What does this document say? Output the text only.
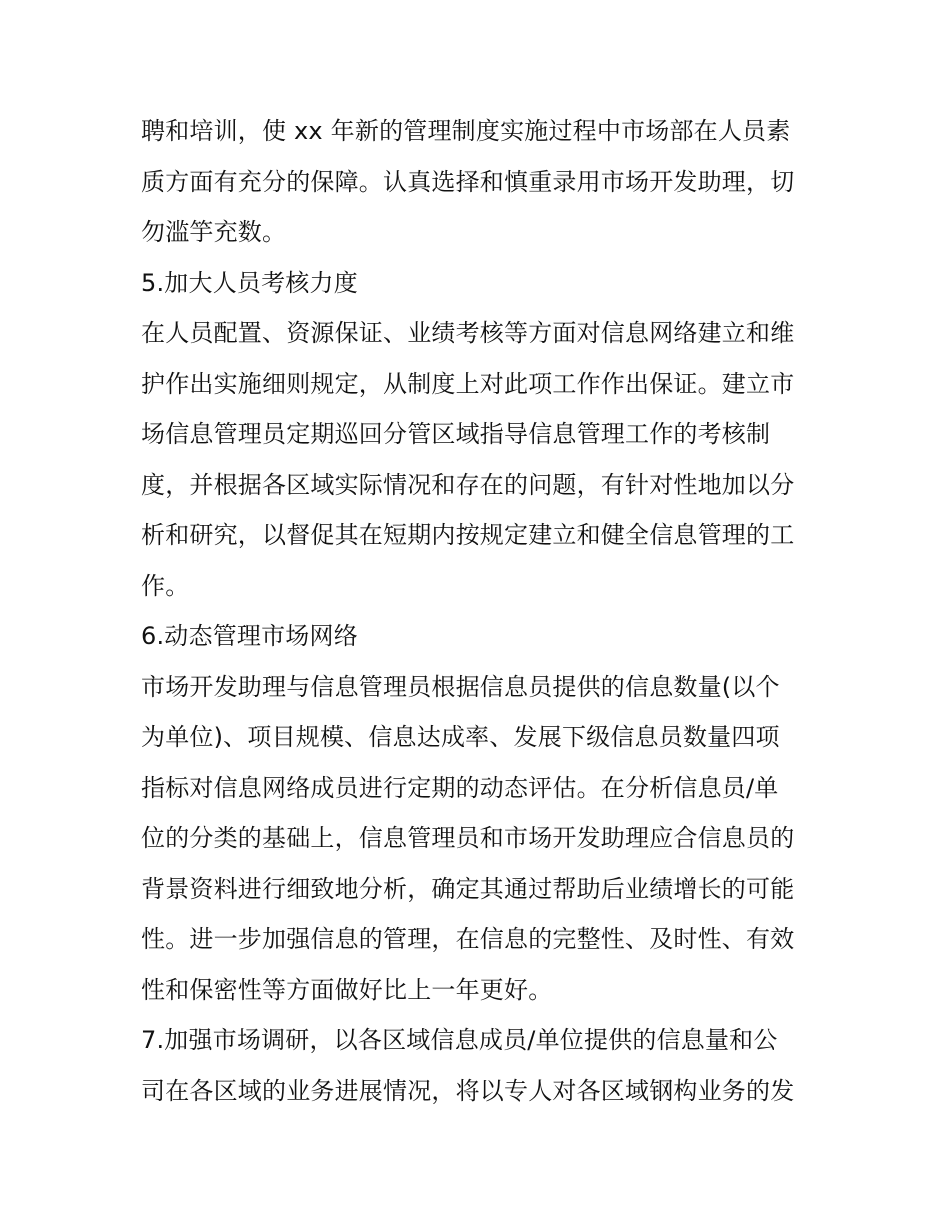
聘和培训，使 xx 年新的管理制度实施过程中市场部在人员素
质方面有充分的保障。认真选择和慎重录用市场开发助理，切
勿滥竽充数。
5.加大人员考核力度
在人员配置、资源保证、业绩考核等方面对信息网络建立和维
护作出实施细则规定，从制度上对此项工作作出保证。建立市
场信息管理员定期巡回分管区域指导信息管理工作的考核制
度，并根据各区域实际情况和存在的问题，有针对性地加以分
析和研究，以督促其在短期内按规定建立和健全信息管理的工
作。
6.动态管理市场网络
市场开发助理与信息管理员根据信息员提供的信息数量(以个
为单位)、项目规模、信息达成率、发展下级信息员数量四项
指标对信息网络成员进行定期的动态评估。在分析信息员/单
位的分类的基础上，信息管理员和市场开发助理应合信息员的
背景资料进行细致地分析，确定其通过帮助后业绩增长的可能
性。进一步加强信息的管理，在信息的完整性、及时性、有效
性和保密性等方面做好比上一年更好。
7.加强市场调研，以各区域信息成员/单位提供的信息量和公
司在各区域的业务进展情况，将以专人对各区域钢构业务的发
